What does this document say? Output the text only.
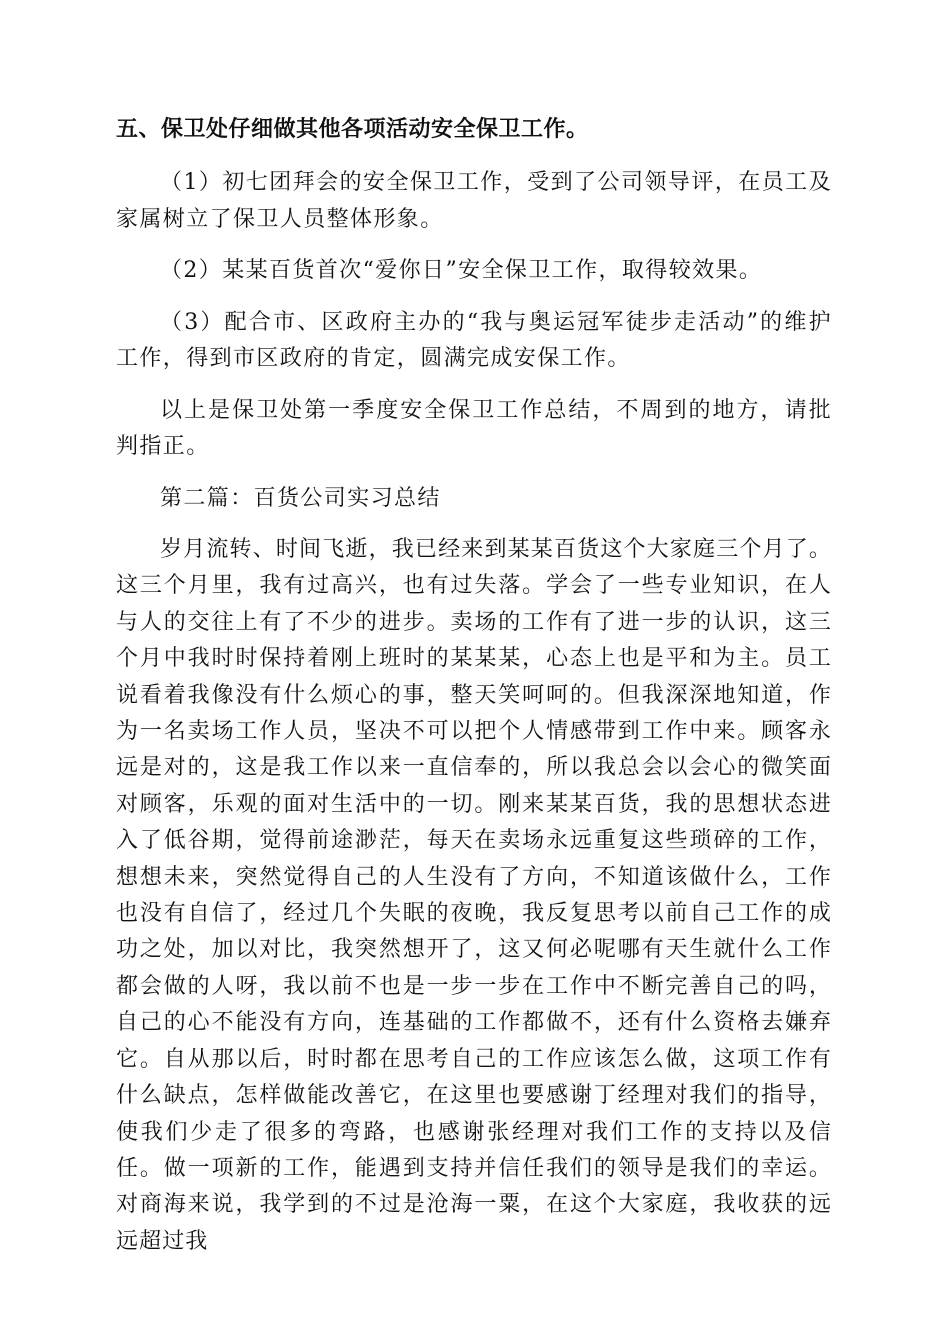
五、保卫处仔细做其他各项活动安全保卫工作。

（1）初七团拜会的安全保卫工作，受到了公司领导评，在员工及家属树立了保卫人员整体形象。

（2）某某百货首次“爱你日”安全保卫工作，取得较效果。

（3）配合市、区政府主办的“我与奥运冠军徒步走活动”的维护工作，得到市区政府的肯定，圆满完成安保工作。

以上是保卫处第一季度安全保卫工作总结，不周到的地方，请批判指正。

第二篇：百货公司实习总结

岁月流转、时间飞逝，我已经来到某某百货这个大家庭三个月了。这三个月里，我有过高兴，也有过失落。学会了一些专业知识，在人与人的交往上有了不少的进步。卖场的工作有了进一步的认识，这三个月中我时时保持着刚上班时的某某某，心态上也是平和为主。员工说看着我像没有什么烦心的事，整天笑呵呵的。但我深深地知道，作为一名卖场工作人员，坚决不可以把个人情感带到工作中来。顾客永远是对的，这是我工作以来一直信奉的，所以我总会以会心的微笑面对顾客，乐观的面对生活中的一切。刚来某某百货，我的思想状态进入了低谷期，觉得前途渺茫，每天在卖场永远重复这些琐碎的工作，想想未来，突然觉得自己的人生没有了方向，不知道该做什么，工作也没有自信了，经过几个失眠的夜晚，我反复思考以前自己工作的成功之处，加以对比，我突然想开了，这又何必呢哪有天生就什么工作都会做的人呀，我以前不也是一步一步在工作中不断完善自己的吗，自己的心不能没有方向，连基础的工作都做不，还有什么资格去嫌弃它。自从那以后，时时都在思考自己的工作应该怎么做，这项工作有什么缺点，怎样做能改善它，在这里也要感谢丁经理对我们的指导，使我们少走了很多的弯路，也感谢张经理对我们工作的支持以及信任。做一项新的工作，能遇到支持并信任我们的领导是我们的幸运。对商海来说，我学到的不过是沧海一粟，在这个大家庭，我收获的远远超过我
